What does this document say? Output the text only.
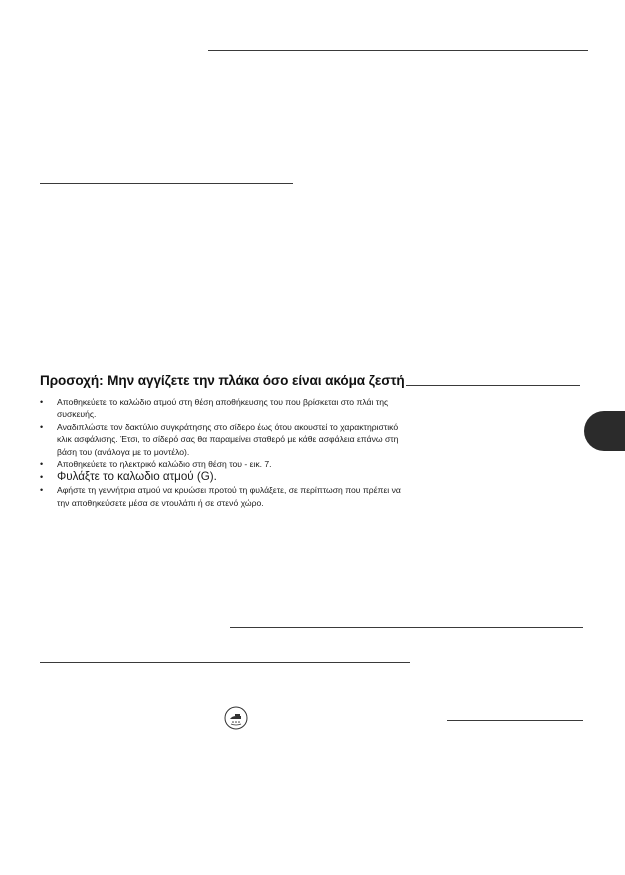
Προσοχή: Μην αγγίζετε την πλάκα όσο είναι ακόμα ζεστή
• Αποθηκεύετε το καλώδιο ατμού στη θέση αποθήκευσης του που βρίσκεται στο πλάι της συσκευής.
• Αναδιπλώστε τον δακτύλιο συγκράτησης στο σίδερο έως ότου ακουστεί το χαρακτηριστικό κλικ ασφάλισης. Έτσι, το σίδερό σας θα παραμείνει σταθερό με κάθε ασφάλεια επάνω στη βάση του (ανάλογα με το μοντέλο).
• Αποθηκεύετε το ηλεκτρικό καλώδιο στη θέση του - εικ. 7.
• Φυλάξτε το καλωδιο ατμού (G).
• Αφήστε τη γεννήτρια ατμού να κρυώσει προτού τη φυλάξετε, σε περίπτωση που πρέπει να την αποθηκεύσετε μέσα σε ντουλάπι ή σε στενό χώρο.
